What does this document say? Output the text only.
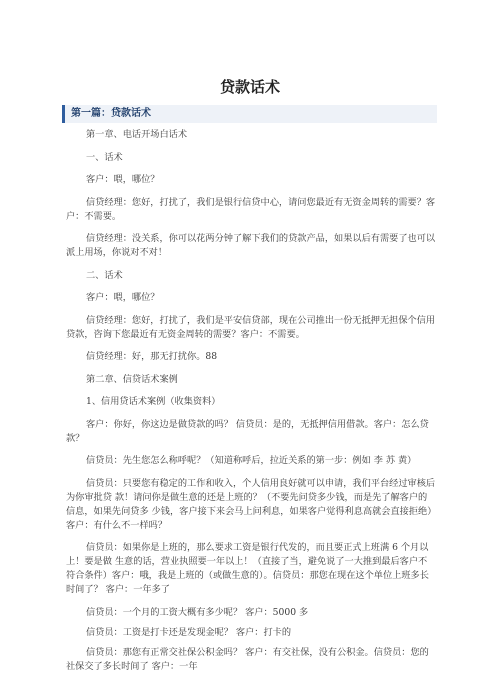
贷款话术
第一篇：贷款话术

第一章、电话开场白话术

一、话术

客户：喂，哪位？

信贷经理：您好，打扰了，我们是银行信贷中心，请问您最近有无资金周转的需要？客户：不需要。

信贷经理：没关系，你可以花两分钟了解下我们的贷款产品，如果以后有需要了也可以派上用场，你说对不对！

二、话术

客户：喂，哪位？

信贷经理：您好，打扰了，我们是平安信贷部，现在公司推出一份无抵押无担保个信用贷款，咨询下您最近有无资金周转的需要？客户：不需要。

信贷经理：好，那无打扰你。88

第二章、信贷话术案例

1、信用贷话术案例（收集资料）

客户：你好，你这边是做贷款的吗？ 信贷员：是的，无抵押信用借款。客户：怎么贷款？

信贷员：先生您怎么称呼呢？（知道称呼后，拉近关系的第一步：例如 李 苏 黄）

信贷员：只要您有稳定的工作和收入，个人信用良好就可以申请，我们平台经过审核后为你审批贷 款！请问你是做生意的还是上班的？（不要先问贷多少钱，而是先了解客户的信息，如果先问贷多 少钱，客户接下来会马上问利息，如果客户觉得利息高就会直接拒绝）客户：有什么不一样吗？

信贷员：如果你是上班的，那么要求工资是银行代发的，而且要正式上班满 6 个月以上！要是做 生意的话，营业执照要一年以上！（直接了当，避免说了一大推到最后客户不符合条件）客户：哦，我是上班的（或做生意的）。信贷员：那您在现在这个单位上班多长时间了？ 客户：一年多了

信贷员：一个月的工资大概有多少呢？ 客户：5000 多

信贷员：工资是打卡还是发现金呢？ 客户：打卡的

信贷员：那您有正常交社保公积金吗？ 客户：有交社保，没有公积金。信贷员：您的社保交了多长时间了 客户：一年
